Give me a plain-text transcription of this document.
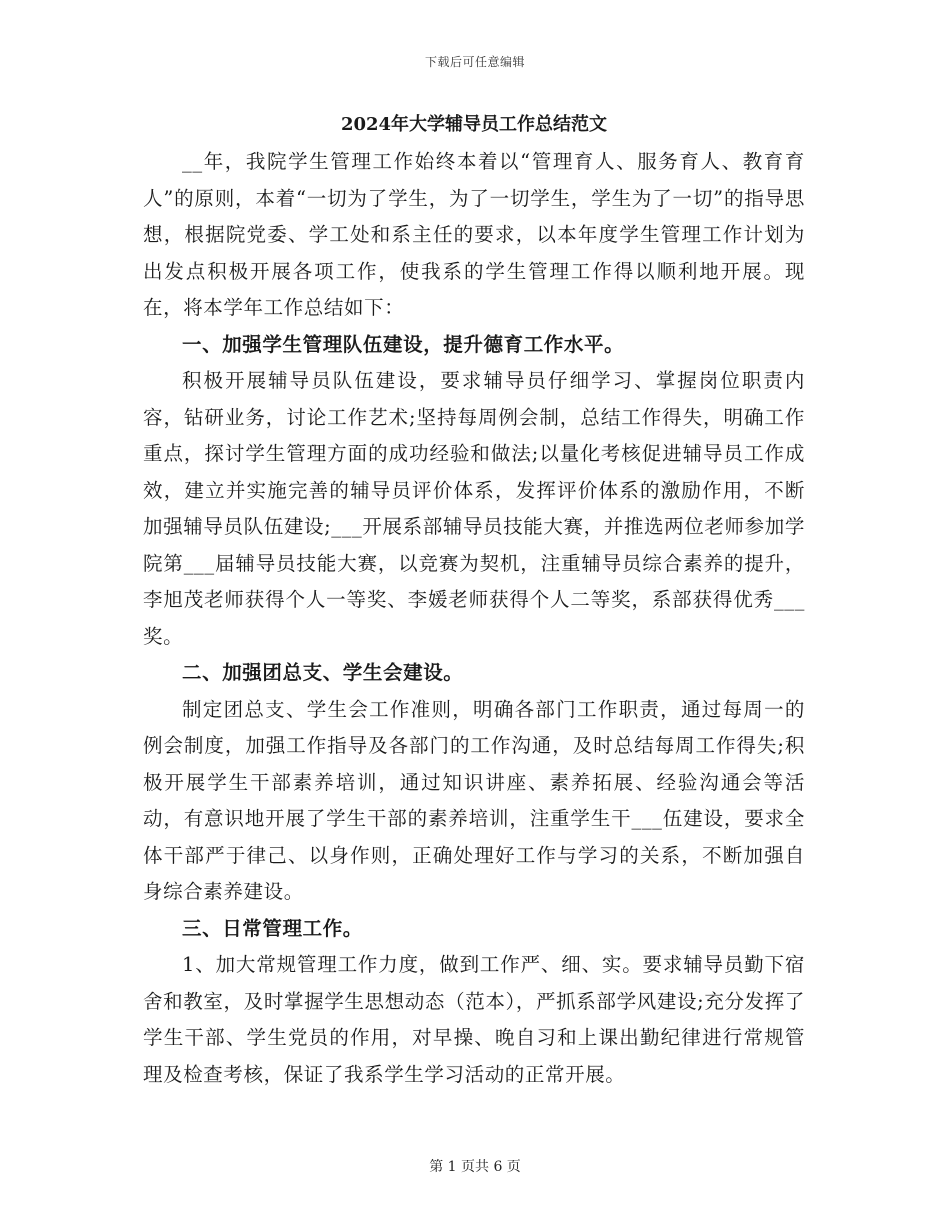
下载后可任意编辑
2024年大学辅导员工作总结范文

__年，我院学生管理工作始终本着以“管理育人、服务育人、教育育人”的原则，本着“一切为了学生，为了一切学生，学生为了一切”的指导思想，根据院党委、学工处和系主任的要求，以本年度学生管理工作计划为出发点积极开展各项工作，使我系的学生管理工作得以顺利地开展。现在，将本学年工作总结如下：

一、加强学生管理队伍建设，提升德育工作水平。

积极开展辅导员队伍建设，要求辅导员仔细学习、掌握岗位职责内容，钻研业务，讨论工作艺术;坚持每周例会制，总结工作得失，明确工作重点，探讨学生管理方面的成功经验和做法;以量化考核促进辅导员工作成效，建立并实施完善的辅导员评价体系，发挥评价体系的激励作用，不断加强辅导员队伍建设;___开展系部辅导员技能大赛，并推选两位老师参加学院第___届辅导员技能大赛，以竞赛为契机，注重辅导员综合素养的提升，李旭茂老师获得个人一等奖、李媛老师获得个人二等奖，系部获得优秀___奖。

二、加强团总支、学生会建设。

制定团总支、学生会工作准则，明确各部门工作职责，通过每周一的例会制度，加强工作指导及各部门的工作沟通，及时总结每周工作得失;积极开展学生干部素养培训，通过知识讲座、素养拓展、经验沟通会等活动，有意识地开展了学生干部的素养培训，注重学生干___伍建设，要求全体干部严于律己、以身作则，正确处理好工作与学习的关系，不断加强自身综合素养建设。

三、日常管理工作。

1、加大常规管理工作力度，做到工作严、细、实。要求辅导员勤下宿舍和教室，及时掌握学生思想动态（范本），严抓系部学风建设;充分发挥了学生干部、学生党员的作用，对早操、晚自习和上课出勤纪律进行常规管理及检查考核，保证了我系学生学习活动的正常开展。

第 1 页共 6 页
